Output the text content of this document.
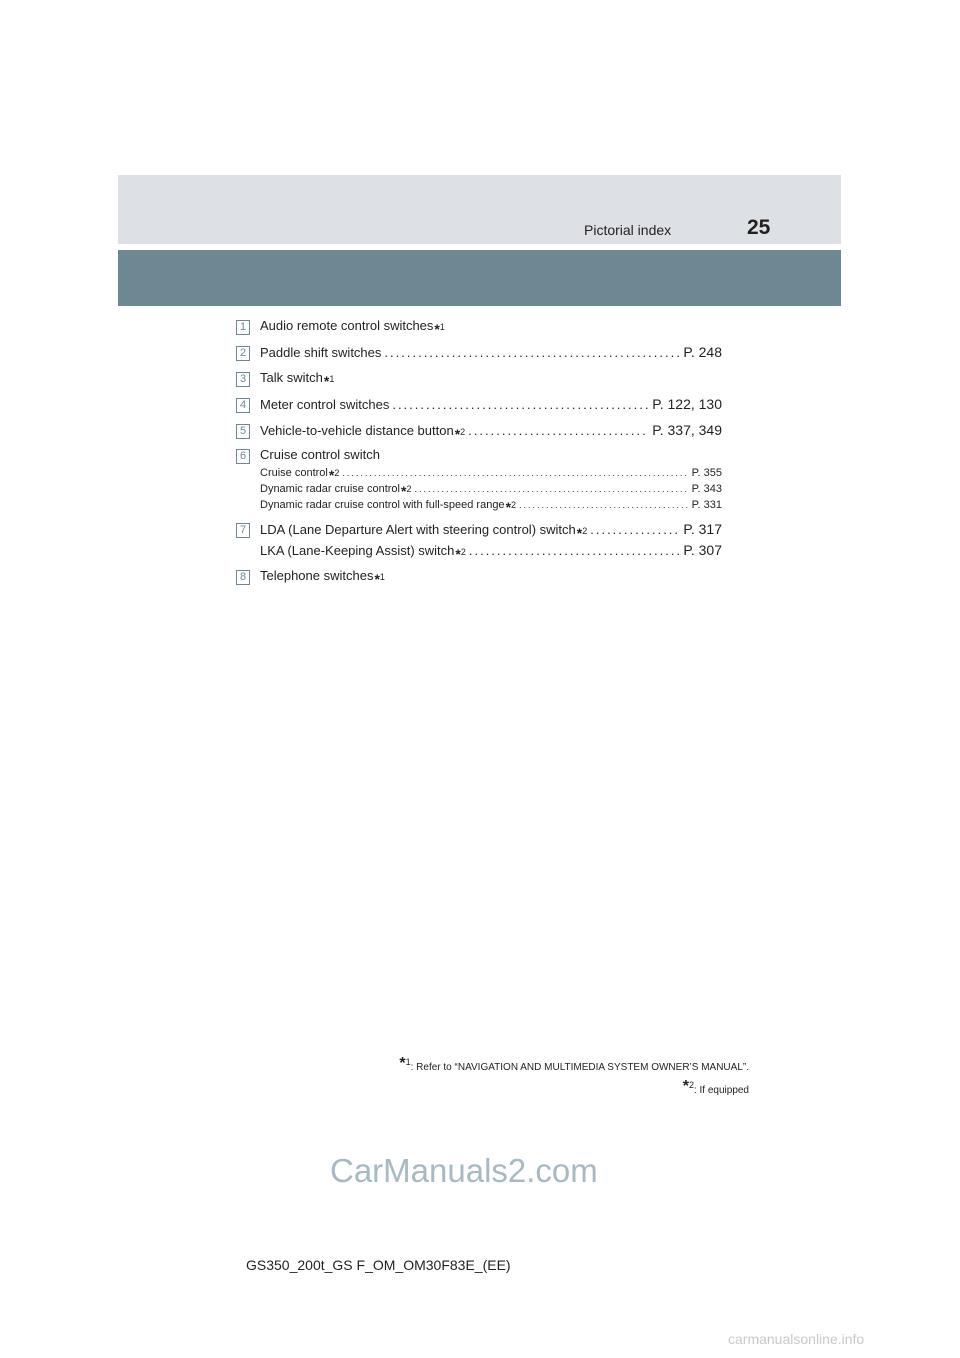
Pictorial index	25
1	Audio remote control switches *1
2	Paddle shift switches .....	P. 248
3	Talk switch *1
4	Meter control switches .....	P. 122, 130
5	Vehicle-to-vehicle distance button *2 .....	P. 337, 349
6	Cruise control switch
Cruise control *2 .....	P. 355
Dynamic radar cruise control *2 .....	P. 343
Dynamic radar cruise control with full-speed range *2 .....	P. 331
7	LDA (Lane Departure Alert with steering control) switch *2 .....	P. 317
LKA (Lane-Keeping Assist) switch *2 .....	P. 307
8	Telephone switches *1
*1: Refer to “NAVIGATION AND MULTIMEDIA SYSTEM OWNER’S MANUAL”.
*2: If equipped
CarManuals2.com
GS350_200t_GS F_OM_OM30F83E_(EE)
carmanualsonline.info
